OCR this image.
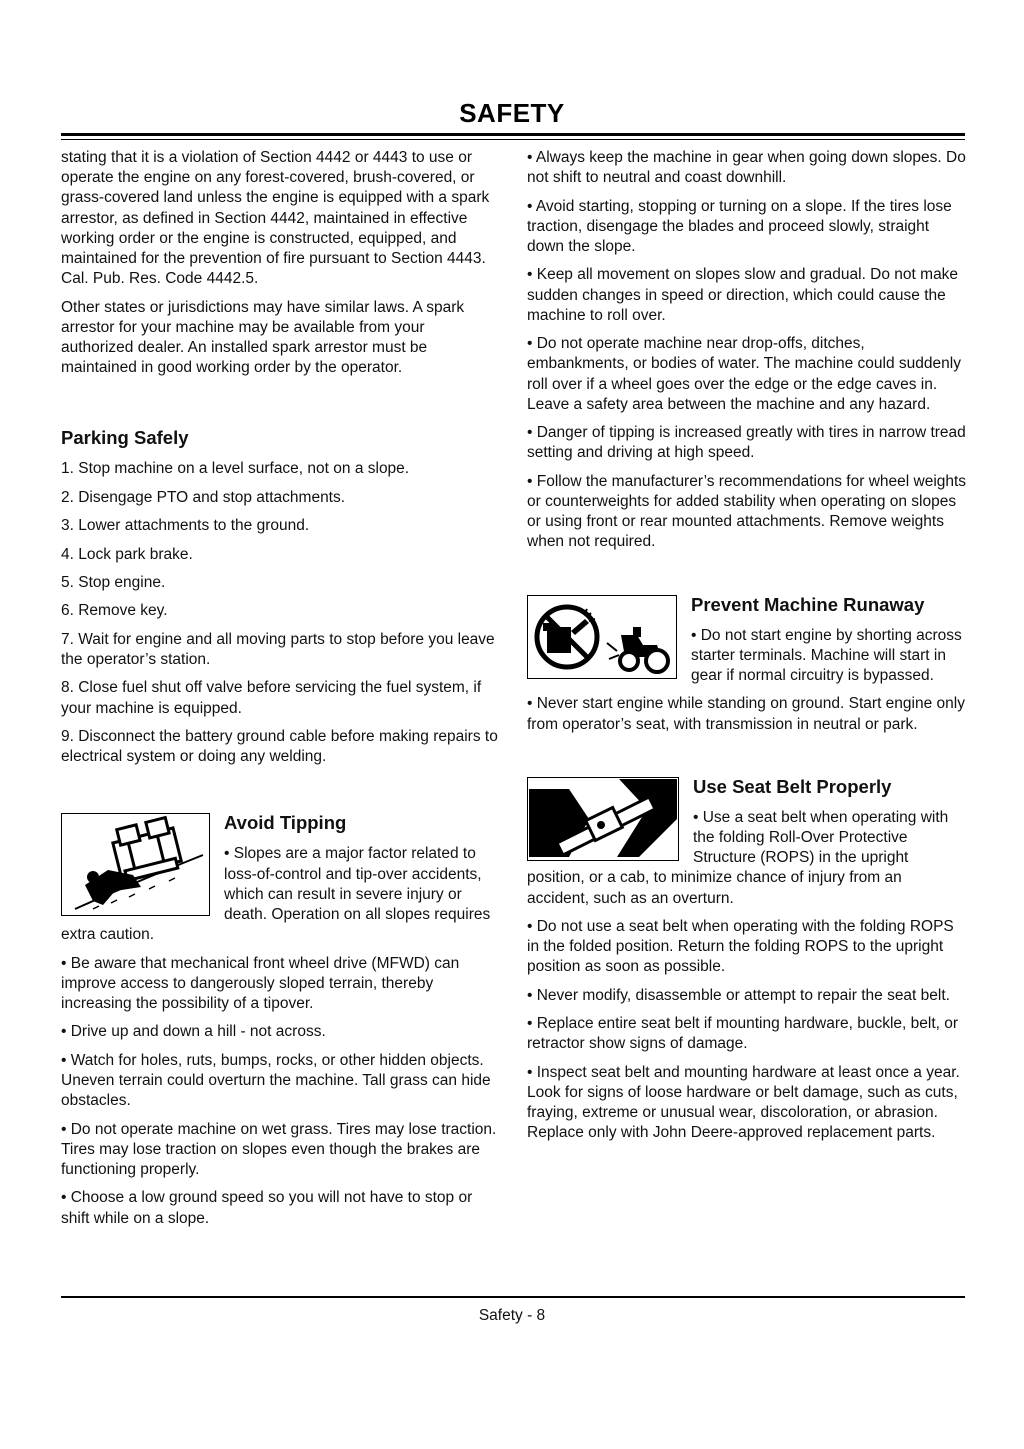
SAFETY

stating that it is a violation of Section 4442 or 4443 to use or operate the engine on any forest-covered, brush-covered, or grass-covered land unless the engine is equipped with a spark arrestor, as defined in Section 4442, maintained in effective working order or the engine is constructed, equipped, and maintained for the prevention of fire pursuant to Section 4443. Cal. Pub. Res. Code 4442.5.

Other states or jurisdictions may have similar laws. A spark arrestor for your machine may be available from your authorized dealer. An installed spark arrestor must be maintained in good working order by the operator.

Parking Safely

1. Stop machine on a level surface, not on a slope.

2. Disengage PTO and stop attachments.

3. Lower attachments to the ground.

4. Lock park brake.

5. Stop engine.

6. Remove key.

7. Wait for engine and all moving parts to stop before you leave the operator’s station.

8. Close fuel shut off valve before servicing the fuel system, if your machine is equipped.

9. Disconnect the battery ground cable before making repairs to electrical system or doing any welding.

Avoid Tipping

• Slopes are a major factor related to loss-of-control and tip-over accidents, which can result in severe injury or death. Operation on all slopes requires extra caution.

• Be aware that mechanical front wheel drive (MFWD) can improve access to dangerously sloped terrain, thereby increasing the possibility of a tipover.

• Drive up and down a hill - not across.

• Watch for holes, ruts, bumps, rocks, or other hidden objects. Uneven terrain could overturn the machine. Tall grass can hide obstacles.

• Do not operate machine on wet grass. Tires may lose traction. Tires may lose traction on slopes even though the brakes are functioning properly.

• Choose a low ground speed so you will not have to stop or shift while on a slope.

• Always keep the machine in gear when going down slopes. Do not shift to neutral and coast downhill.

• Avoid starting, stopping or turning on a slope. If the tires lose traction, disengage the blades and proceed slowly, straight down the slope.

• Keep all movement on slopes slow and gradual. Do not make sudden changes in speed or direction, which could cause the machine to roll over.

• Do not operate machine near drop-offs, ditches, embankments, or bodies of water. The machine could suddenly roll over if a wheel goes over the edge or the edge caves in. Leave a safety area between the machine and any hazard.

• Danger of tipping is increased greatly with tires in narrow tread setting and driving at high speed.

• Follow the manufacturer’s recommendations for wheel weights or counterweights for added stability when operating on slopes or using front or rear mounted attachments. Remove weights when not required.

Prevent Machine Runaway

• Do not start engine by shorting across starter terminals. Machine will start in gear if normal circuitry is bypassed.

• Never start engine while standing on ground. Start engine only from operator’s seat, with transmission in neutral or park.

Use Seat Belt Properly

• Use a seat belt when operating with the folding Roll-Over Protective Structure (ROPS) in the upright position, or a cab, to minimize chance of injury from an accident, such as an overturn.

• Do not use a seat belt when operating with the folding ROPS in the folded position. Return the folding ROPS to the upright position as soon as possible.

• Never modify, disassemble or attempt to repair the seat belt.

• Replace entire seat belt if mounting hardware, buckle, belt, or retractor show signs of damage.

• Inspect seat belt and mounting hardware at least once a year. Look for signs of loose hardware or belt damage, such as cuts, fraying, extreme or unusual wear, discoloration, or abrasion. Replace only with John Deere-approved replacement parts.

Safety - 8
